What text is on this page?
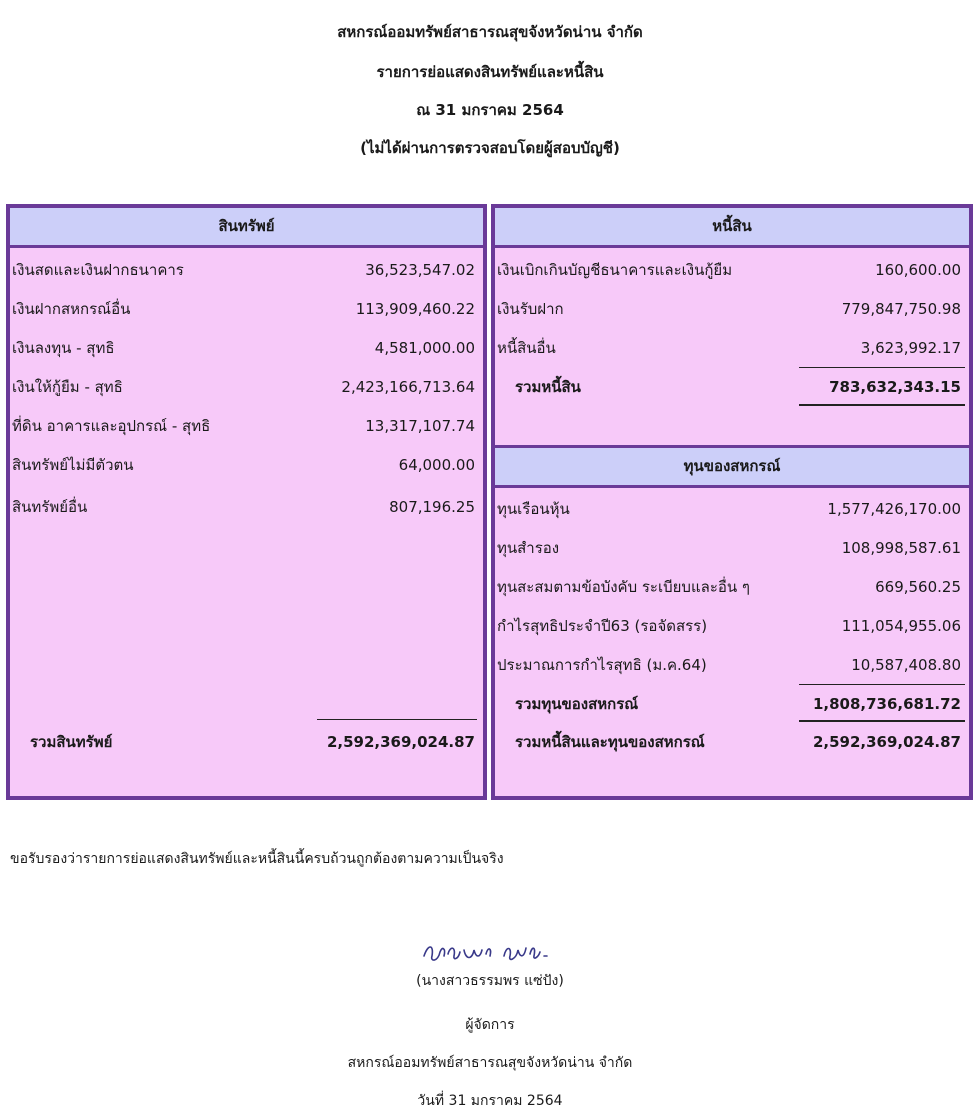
สหกรณ์ออมทรัพย์สาธารณสุขจังหวัดน่าน จำกัด
รายการย่อแสดงสินทรัพย์และหนี้สิน
ณ 31 มกราคม 2564
(ไม่ได้ผ่านการตรวจสอบโดยผู้สอบบัญชี)
สินทรัพย์
เงินสดและเงินฝากธนาคาร	36,523,547.02
เงินฝากสหกรณ์อื่น	113,909,460.22
เงินลงทุน - สุทธิ	4,581,000.00
เงินให้กู้ยืม - สุทธิ	2,423,166,713.64
ที่ดิน อาคารและอุปกรณ์ - สุทธิ	13,317,107.74
สินทรัพย์ไม่มีตัวตน	64,000.00
สินทรัพย์อื่น	807,196.25
รวมสินทรัพย์	2,592,369,024.87
หนี้สิน
เงินเบิกเกินบัญชีธนาคารและเงินกู้ยืม	160,600.00
เงินรับฝาก	779,847,750.98
หนี้สินอื่น	3,623,992.17
รวมหนี้สิน	783,632,343.15
ทุนของสหกรณ์
ทุนเรือนหุ้น	1,577,426,170.00
ทุนสำรอง	108,998,587.61
ทุนสะสมตามข้อบังคับ ระเบียบและอื่น ๆ	669,560.25
กำไรสุทธิประจำปี63 (รอจัดสรร)	111,054,955.06
ประมาณการกำไรสุทธิ (ม.ค.64)	10,587,408.80
รวมทุนของสหกรณ์	1,808,736,681.72
รวมหนี้สินและทุนของสหกรณ์	2,592,369,024.87
ขอรับรองว่ารายการย่อแสดงสินทรัพย์และหนี้สินนี้ครบถ้วนถูกต้องตามความเป็นจริง
(นางสาวธรรมพร แซ่ปัง)
ผู้จัดการ
สหกรณ์ออมทรัพย์สาธารณสุขจังหวัดน่าน จำกัด
วันที่ 31 มกราคม 2564
